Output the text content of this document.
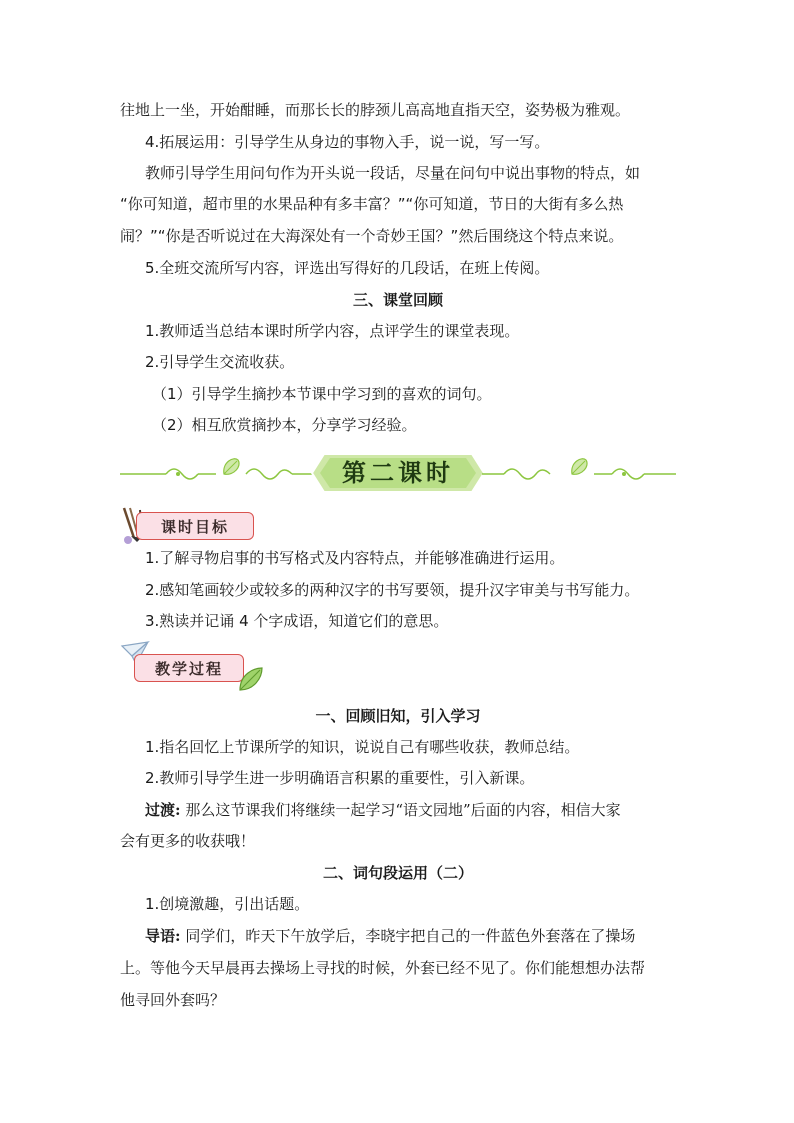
往地上一坐，开始酣睡，而那长长的脖颈儿高高地直指天空，姿势极为雅观。
4.拓展运用：引导学生从身边的事物入手，说一说，写一写。
教师引导学生用问句作为开头说一段话，尽量在问句中说出事物的特点，如
“你可知道，超市里的水果品种有多丰富？”“你可知道，节日的大街有多么热
闹？”“你是否听说过在大海深处有一个奇妙王国？”然后围绕这个特点来说。
5.全班交流所写内容，评选出写得好的几段话，在班上传阅。
三、课堂回顾
1.教师适当总结本课时所学内容，点评学生的课堂表现。
2.引导学生交流收获。
（1）引导学生摘抄本节课中学习到的喜欢的词句。
（2）相互欣赏摘抄本，分享学习经验。
第二课时
课时目标
1.了解寻物启事的书写格式及内容特点，并能够准确进行运用。
2.感知笔画较少或较多的两种汉字的书写要领，提升汉字审美与书写能力。
3.熟读并记诵 4 个字成语，知道它们的意思。
教学过程
一、回顾旧知，引入学习
1.指名回忆上节课所学的知识，说说自己有哪些收获，教师总结。
2.教师引导学生进一步明确语言积累的重要性，引入新课。
过渡: 那么这节课我们将继续一起学习“语文园地”后面的内容，相信大家
会有更多的收获哦！
二、词句段运用（二）
1.创境激趣，引出话题。
导语: 同学们，昨天下午放学后，李晓宇把自己的一件蓝色外套落在了操场
上。等他今天早晨再去操场上寻找的时候，外套已经不见了。你们能想想办法帮
他寻回外套吗？
